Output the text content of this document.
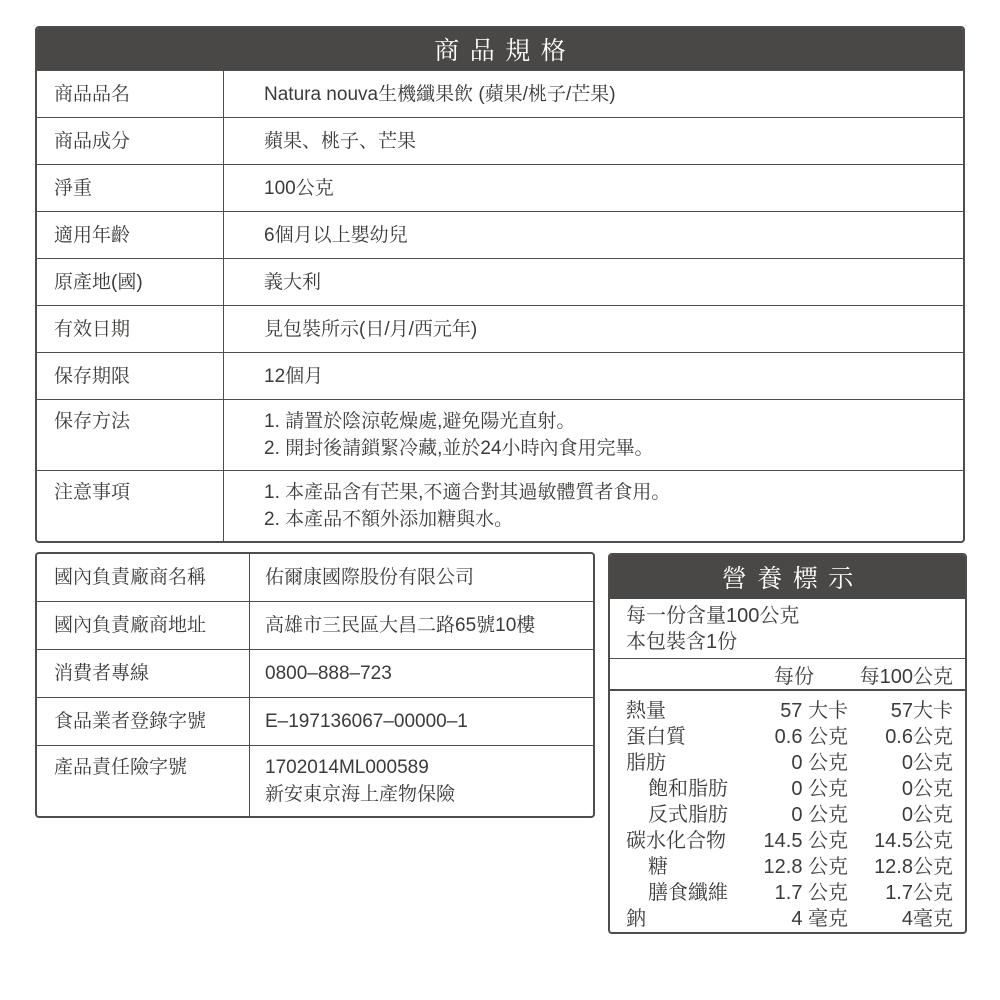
商品規格
商品品名	Natura nouva生機纖果飲 (蘋果/桃子/芒果)
商品成分	蘋果、桃子、芒果
淨重	100公克
適用年齡	6個月以上嬰幼兒
原產地(國)	義大利
有效日期	見包裝所示(日/月/西元年)
保存期限	12個月
保存方法	1. 請置於陰涼乾燥處,避免陽光直射。
2. 開封後請鎖緊冷藏,並於24小時內食用完畢。
注意事項	1. 本產品含有芒果,不適合對其過敏體質者食用。
2. 本產品不額外添加糖與水。
國內負責廠商名稱	佑爾康國際股份有限公司
國內負責廠商地址	高雄市三民區大昌二路65號10樓
消費者專線	0800–888–723
食品業者登錄字號	E–197136067–00000–1
產品責任險字號	1702014ML000589
新安東京海上產物保險
營養標示
每一份含量100公克
本包裝含1份
每份	每100公克
熱量	57 大卡	57大卡
蛋白質	0.6 公克	0.6公克
脂肪	0 公克	0公克
飽和脂肪	0 公克	0公克
反式脂肪	0 公克	0公克
碳水化合物	14.5 公克	14.5公克
糖	12.8 公克	12.8公克
膳食纖維	1.7 公克	1.7公克
鈉	4 毫克	4毫克
